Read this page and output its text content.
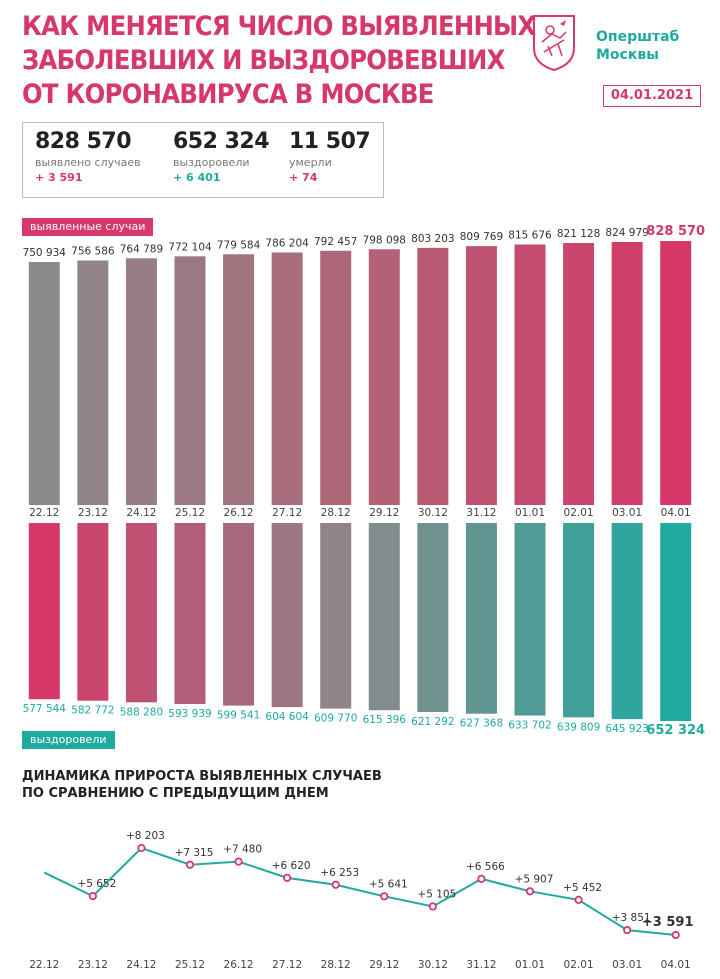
КАК МЕНЯЕТСЯ ЧИСЛО ВЫЯВЛЕННЫХ
ЗАБОЛЕВШИХ И ВЫЗДОРОВЕВШИХ
ОТ КОРОНАВИРУСА В МОСКВЕ
Оперштаб
Москвы
04.01.2021
828 570
выявлено случаев
+ 3 591
652 324
выздоровели
+ 6 401
11 507
умерли
+ 74
выявленные случаи
выздоровели
ДИНАМИКА ПРИРОСТА ВЫЯВЛЕННЫХ СЛУЧАЕВ
ПО СРАВНЕНИЮ С ПРЕДЫДУЩИМ ДНЕМ
750 934
22.12
756 586
23.12
764 789
24.12
772 104
25.12
779 584
26.12
786 204
27.12
792 457
28.12
798 098
29.12
803 203
30.12
809 769
31.12
815 676
01.01
821 128
02.01
824 979
03.01
828 570
04.01
577 544 582 772 588 280 593 939 599 541 604 604 609 770 615 396 621 292 627 368 633 702 639 809 645 923
652 324
22.12
+5 652
23.12
+8 203
24.12
+7 315
25.12
+7 480
26.12
+6 620
27.12
+6 253
28.12
+5 641
29.12
+5 105
30.12
+6 566
31.12
+5 907
01.01
+5 452
02.01
+3 851
03.01
+3 591
04.01
